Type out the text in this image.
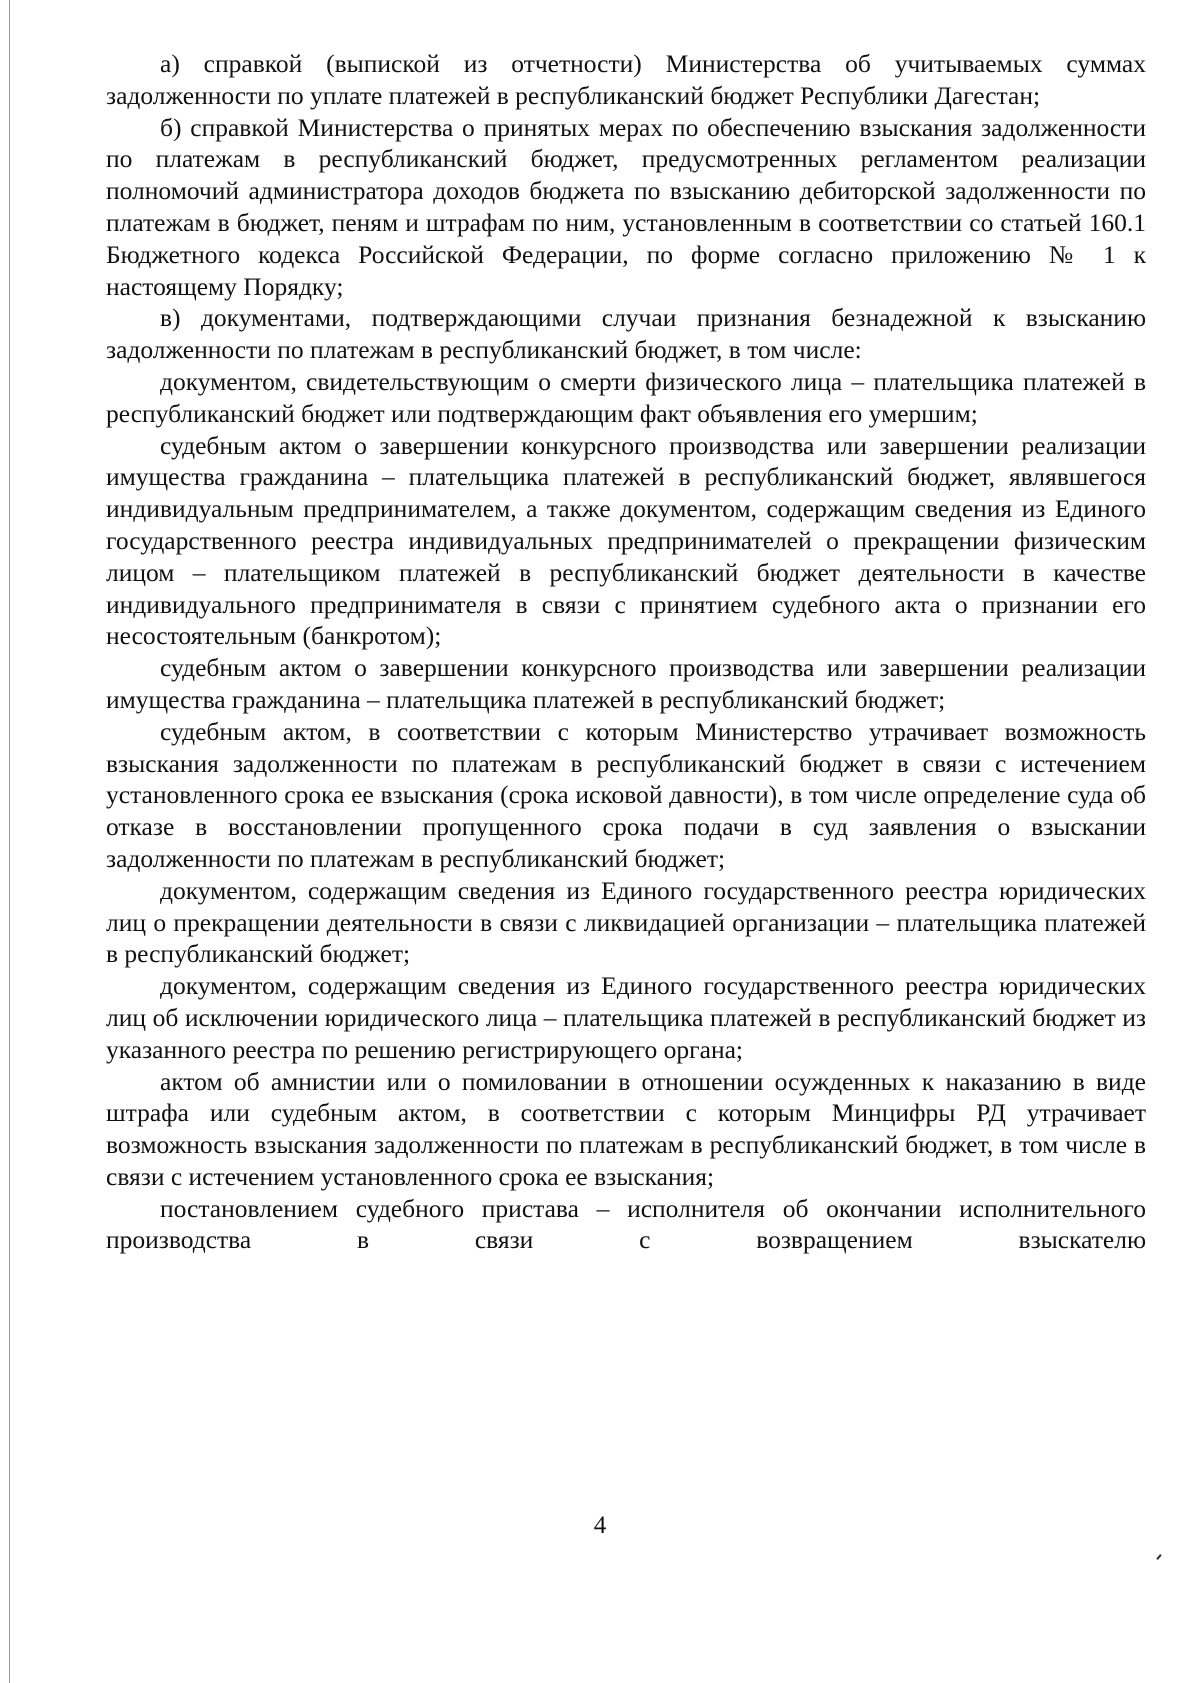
а) справкой (выпиской из отчетности) Министерства об учитываемых суммах задолженности по уплате платежей в республиканский бюджет Республики Дагестан;

б) справкой Министерства о принятых мерах по обеспечению взыскания задолженности по платежам в республиканский бюджет, предусмотренных регламентом реализации полномочий администратора доходов бюджета по взысканию дебиторской задолженности по платежам в бюджет, пеням и штрафам по ним, установленным в соответствии со статьей 160.1 Бюджетного кодекса Российской Федерации, по форме согласно приложению № 1 к настоящему Порядку;

в) документами, подтверждающими случаи признания безнадежной к взысканию задолженности по платежам в республиканский бюджет, в том числе:

документом, свидетельствующим о смерти физического лица – плательщика платежей в республиканский бюджет или подтверждающим факт объявления его умершим;

судебным актом о завершении конкурсного производства или завершении реализации имущества гражданина – плательщика платежей в республиканский бюджет, являвшегося индивидуальным предпринимателем, а также документом, содержащим сведения из Единого государственного реестра индивидуальных предпринимателей о прекращении физическим лицом – плательщиком платежей в республиканский бюджет деятельности в качестве индивидуального предпринимателя в связи с принятием судебного акта о признании его несостоятельным (банкротом);

судебным актом о завершении конкурсного производства или завершении реализации имущества гражданина – плательщика платежей в республиканский бюджет;

судебным актом, в соответствии с которым Министерство утрачивает возможность взыскания задолженности по платежам в республиканский бюджет в связи с истечением установленного срока ее взыскания (срока исковой давности), в том числе определение суда об отказе в восстановлении пропущенного срока подачи в суд заявления о взыскании задолженности по платежам в республиканский бюджет;

документом, содержащим сведения из Единого государственного реестра юридических лиц о прекращении деятельности в связи с ликвидацией организации – плательщика платежей в республиканский бюджет;

документом, содержащим сведения из Единого государственного реестра юридических лиц об исключении юридического лица – плательщика платежей в республиканский бюджет из указанного реестра по решению регистрирующего органа;

актом об амнистии или о помиловании в отношении осужденных к наказанию в виде штрафа или судебным актом, в соответствии с которым Минцифры РД утрачивает возможность взыскания задолженности по платежам в республиканский бюджет, в том числе в связи с истечением установленного срока ее взыскания;

постановлением судебного пристава – исполнителя об окончании исполнительного производства в связи с возвращением взыскателю

4
